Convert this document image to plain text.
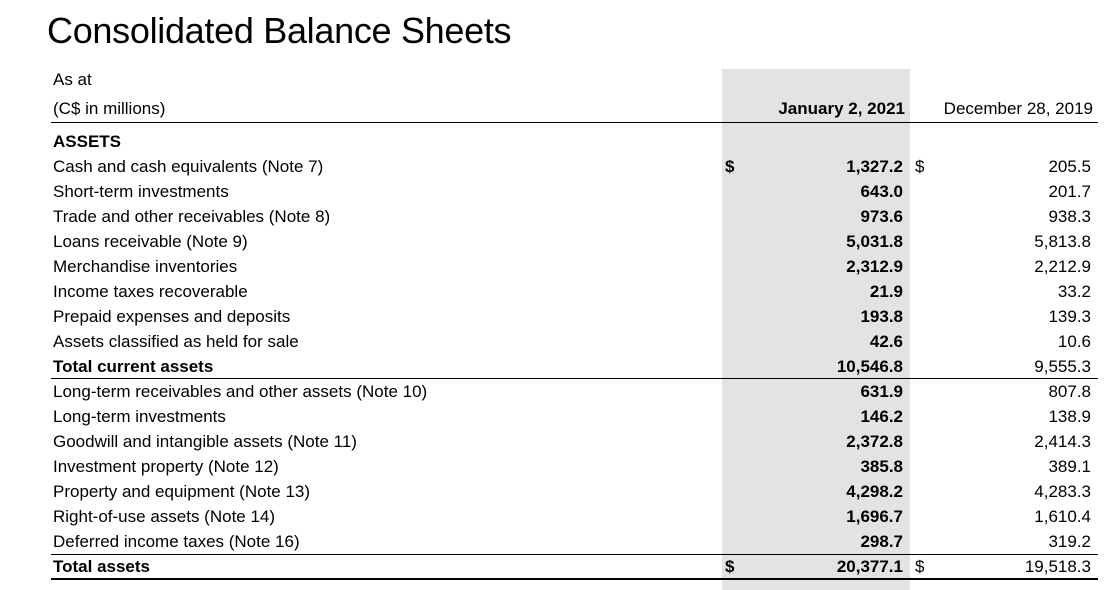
Consolidated Balance Sheets
As at
(C$ in millions)	January 2, 2021 December 28, 2019
ASSETS
Cash and cash equivalents (Note 7)	$	1,327.2 $	205.5
Short-term investments	643.0	201.7
Trade and other receivables (Note 8)	973.6	938.3
Loans receivable (Note 9)	5,031.8	5,813.8
Merchandise inventories	2,312.9	2,212.9
Income taxes recoverable	21.9	33.2
Prepaid expenses and deposits	193.8	139.3
Assets classified as held for sale	42.6	10.6
Total current assets	10,546.8	9,555.3
Long-term receivables and other assets (Note 10)	631.9	807.8
Long-term investments	146.2	138.9
Goodwill and intangible assets (Note 11)	2,372.8	2,414.3
Investment property (Note 12)	385.8	389.1
Property and equipment (Note 13)	4,298.2	4,283.3
Right-of-use assets (Note 14)	1,696.7	1,610.4
Deferred income taxes (Note 16)	298.7	319.2
Total assets	$	20,377.1 $	19,518.3
